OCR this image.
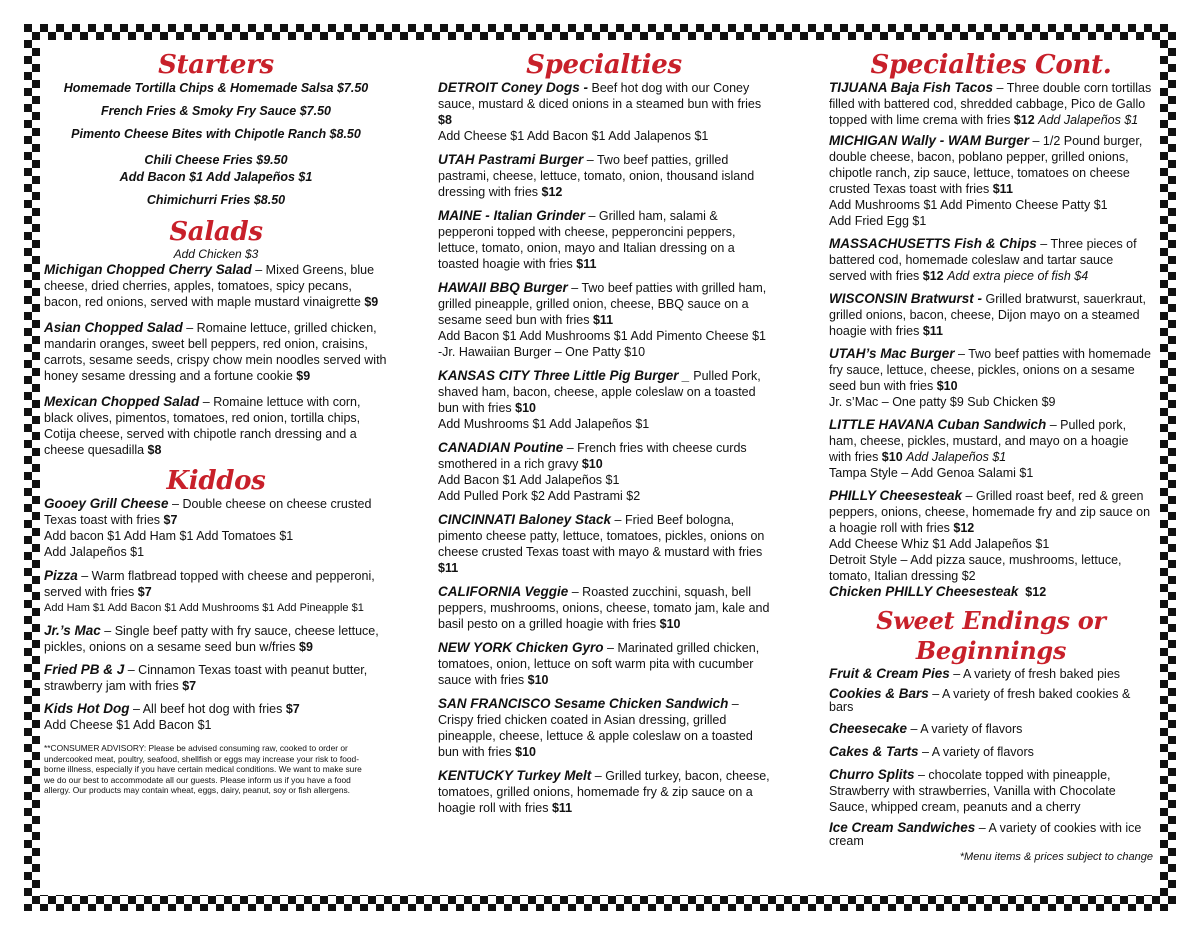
Starters
Homemade Tortilla Chips & Homemade Salsa $7.50
French Fries & Smoky Fry Sauce $7.50
Pimento Cheese Bites with Chipotle Ranch $8.50
Chili Cheese Fries $9.50
Add Bacon $1 Add Jalapeños $1
Chimichurri Fries $8.50
Salads
Add Chicken $3

Michigan Chopped Cherry Salad – Mixed Greens, blue cheese, dried cherries, apples, tomatoes, spicy pecans, bacon, red onions, served with maple mustard vinaigrette $9

Asian Chopped Salad – Romaine lettuce, grilled chicken, mandarin oranges, sweet bell peppers, red onion, craisins, carrots, sesame seeds, crispy chow mein noodles served with honey sesame dressing and a fortune cookie $9

Mexican Chopped Salad – Romaine lettuce with corn, black olives, pimentos, tomatoes, red onion, tortilla chips, Cotija cheese, served with chipotle ranch dressing and a cheese quesadilla $8

Kiddos

Gooey Grill Cheese – Double cheese on cheese crusted Texas toast with fries $7

Add bacon $1 Add Ham $1 Add Tomatoes $1

Add Jalapeños $1

Pizza – Warm flatbread topped with cheese and pepperoni, served with fries $7

Add Ham $1 Add Bacon $1 Add Mushrooms $1 Add Pineapple $1

Jr.’s Mac – Single beef patty with fry sauce, cheese lettuce, pickles, onions on a sesame seed bun w/fries $9

Fried PB & J – Cinnamon Texas toast with peanut butter, strawberry jam with fries $7

Kids Hot Dog – All beef hot dog with fries $7

Add Cheese $1 Add Bacon $1

**CONSUMER ADVISORY: Please be advised consuming raw, cooked to order or undercooked meat, poultry, seafood, shellfish or eggs may increase your risk to food-borne illness, especially if you have certain medical conditions. We want to make sure we do our best to accommodate all our guests. Please inform us if you have a food allergy. Our products may contain wheat, eggs, dairy, peanut, soy or fish allergens.

Specialties

DETROIT Coney Dogs - Beef hot dog with our Coney sauce, mustard & diced onions in a steamed bun with fries $8

Add Cheese $1 Add Bacon $1 Add Jalapenos $1

UTAH Pastrami Burger – Two beef patties, grilled pastrami, cheese, lettuce, tomato, onion, thousand island dressing with fries $12

MAINE - Italian Grinder – Grilled ham, salami & pepperoni topped with cheese, pepperoncini peppers, lettuce, tomato, onion, mayo and Italian dressing on a toasted hoagie with fries $11

HAWAII BBQ Burger – Two beef patties with grilled ham, grilled pineapple, grilled onion, cheese, BBQ sauce on a sesame seed bun with fries $11

Add Bacon $1 Add Mushrooms $1 Add Pimento Cheese $1 -Jr. Hawaiian Burger – One Patty $10

KANSAS CITY Three Little Pig Burger _ Pulled Pork, shaved ham, bacon, cheese, apple coleslaw on a toasted bun with fries $10

Add Mushrooms $1 Add Jalapeños $1

CANADIAN Poutine – French fries with cheese curds smothered in a rich gravy $10

Add Bacon $1 Add Jalapeños $1

Add Pulled Pork $2 Add Pastrami $2

CINCINNATI Baloney Stack – Fried Beef bologna, pimento cheese patty, lettuce, tomatoes, pickles, onions on cheese crusted Texas toast with mayo & mustard with fries $11

CALIFORNIA Veggie – Roasted zucchini, squash, bell peppers, mushrooms, onions, cheese, tomato jam, kale and basil pesto on a grilled hoagie with fries $10

NEW YORK Chicken Gyro – Marinated grilled chicken, tomatoes, onion, lettuce on soft warm pita with cucumber sauce with fries $10

SAN FRANCISCO Sesame Chicken Sandwich – Crispy fried chicken coated in Asian dressing, grilled pineapple, cheese, lettuce & apple coleslaw on a toasted bun with fries $10

KENTUCKY Turkey Melt – Grilled turkey, bacon, cheese, tomatoes, grilled onions, homemade fry & zip sauce on a hoagie roll with fries $11

Specialties Cont.

TIJUANA Baja Fish Tacos – Three double corn tortillas filled with battered cod, shredded cabbage, Pico de Gallo topped with lime crema with fries $12 Add Jalapeños $1

MICHIGAN Wally - WAM Burger – 1/2 Pound burger, double cheese, bacon, poblano pepper, grilled onions, chipotle ranch, zip sauce, lettuce, tomatoes on cheese crusted Texas toast with fries $11

Add Mushrooms $1 Add Pimento Cheese Patty $1

Add Fried Egg $1

MASSACHUSETTS Fish & Chips – Three pieces of battered cod, homemade coleslaw and tartar sauce served with fries $12 Add extra piece of fish $4

WISCONSIN Bratwurst - Grilled bratwurst, sauerkraut, grilled onions, bacon, cheese, Dijon mayo on a steamed hoagie with fries $11

UTAH’s Mac Burger – Two beef patties with homemade fry sauce, lettuce, cheese, pickles, onions on a sesame seed bun with fries $10

Jr. s’Mac – One patty $9 Sub Chicken $9

LITTLE HAVANA Cuban Sandwich – Pulled pork, ham, cheese, pickles, mustard, and mayo on a hoagie with fries $10 Add Jalapeños $1

Tampa Style – Add Genoa Salami $1

PHILLY Cheesesteak – Grilled roast beef, red & green peppers, onions, cheese, homemade fry and zip sauce on a hoagie roll with fries $12

Add Cheese Whiz $1 Add Jalapeños $1

Detroit Style – Add pizza sauce, mushrooms, lettuce, tomato, Italian dressing $2

Chicken PHILLY Cheesesteak $12

Sweet Endings or Beginnings

Fruit & Cream Pies – A variety of fresh baked pies

Cookies & Bars – A variety of fresh baked cookies & bars

Cheesecake – A variety of flavors

Cakes & Tarts – A variety of flavors

Churro Splits – chocolate topped with pineapple, Strawberry with strawberries, Vanilla with Chocolate Sauce, whipped cream, peanuts and a cherry

Ice Cream Sandwiches – A variety of cookies with ice cream

*Menu items & prices subject to change
